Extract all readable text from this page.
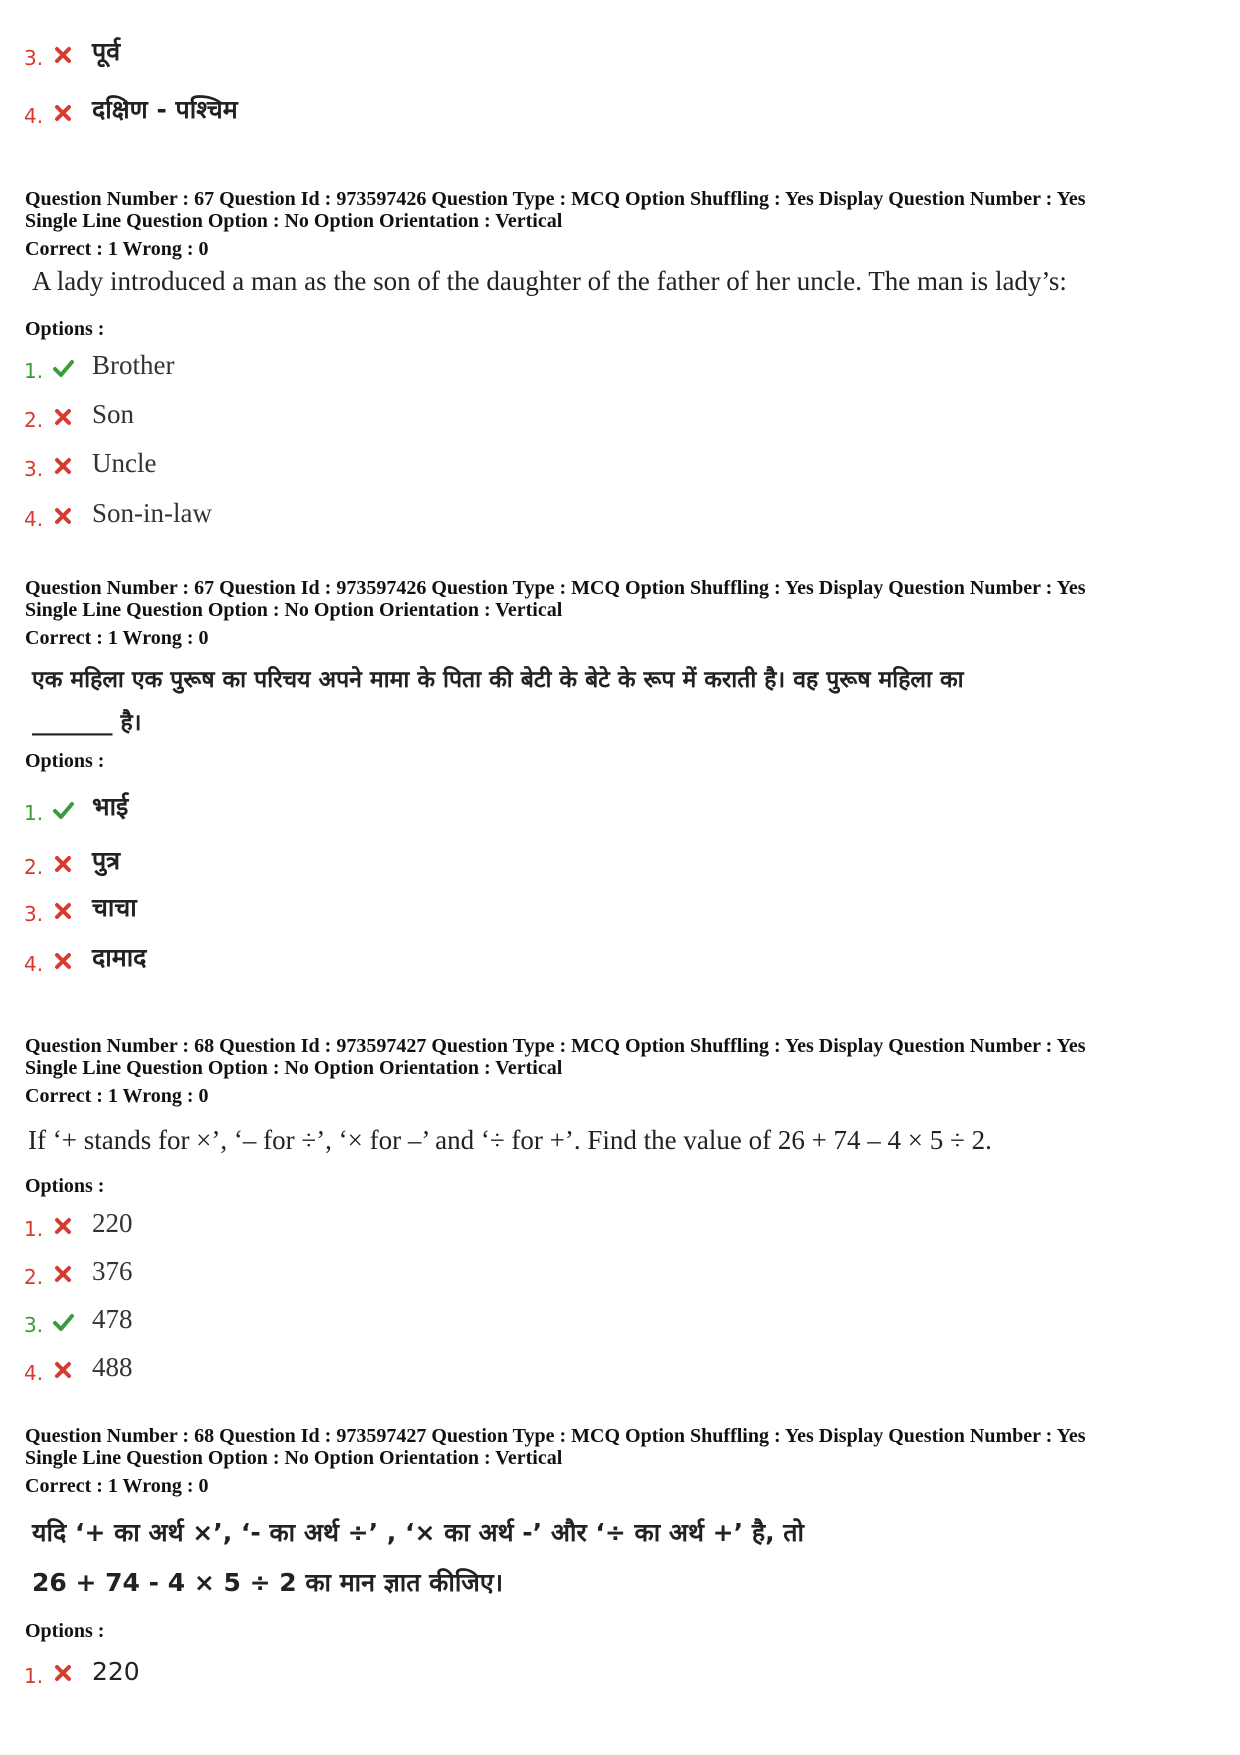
3. पूर्व
4. दक्षिण - पश्चिम

Question Number : 67 Question Id : 973597426 Question Type : MCQ Option Shuffling : Yes Display Question Number : Yes

Single Line Question Option : No Option Orientation : Vertical

Correct : 1 Wrong : 0

A lady introduced a man as the son of the daughter of the father of her uncle. The man is lady’s:

Options :

1. Brother
2. Son
3. Uncle
4. Son-in-law

Question Number : 67 Question Id : 973597426 Question Type : MCQ Option Shuffling : Yes Display Question Number : Yes

Single Line Question Option : No Option Orientation : Vertical

Correct : 1 Wrong : 0

एक महिला एक पुरूष का परिचय अपने मामा के पिता की बेटी के बेटे के रूप में कराती है। वह पुरूष महिला का

_______ है।

Options :

1. भाई
2. पुत्र
3. चाचा
4. दामाद

Question Number : 68 Question Id : 973597427 Question Type : MCQ Option Shuffling : Yes Display Question Number : Yes

Single Line Question Option : No Option Orientation : Vertical

Correct : 1 Wrong : 0

If ‘+ stands for ×’, ‘– for ÷’, ‘× for –’ and ‘÷ for +’. Find the value of 26 + 74 – 4 × 5 ÷ 2.

Options :

1. 220
2. 376
3. 478
4. 488

Question Number : 68 Question Id : 973597427 Question Type : MCQ Option Shuffling : Yes Display Question Number : Yes

Single Line Question Option : No Option Orientation : Vertical

Correct : 1 Wrong : 0

यदि ‘+ का अर्थ ×’, ‘- का अर्थ ÷’ , ‘× का अर्थ -’ और ‘÷ का अर्थ +’ है, तो

26 + 74 - 4 × 5 ÷ 2 का मान ज्ञात कीजिए।

Options :

1. 220
